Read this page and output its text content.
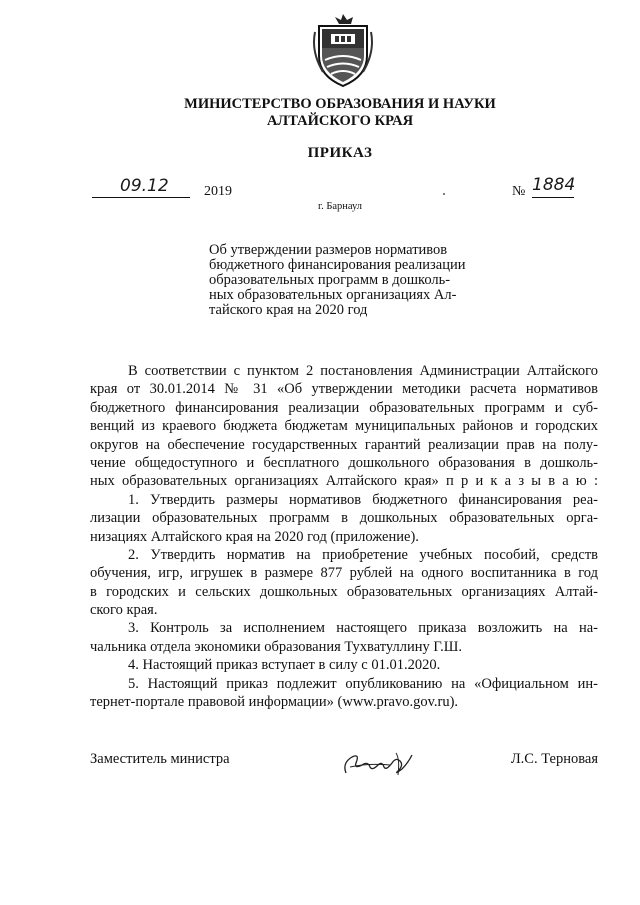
МИНИСТЕРСТВО ОБРАЗОВАНИЯ И НАУКИ
АЛТАЙСКОГО КРАЯ
ПРИКАЗ
09.12	2019	№ 1884
г. Барнаул
Об утверждении размеров нормативов
бюджетного финансирования реализации
образовательных программ в дошколь-
ных образовательных организациях Ал-
тайского края на 2020 год
В соответствии с пунктом 2 постановления Администрации Алтайского
края от 30.01.2014 № 31 «Об утверждении методики расчета нормативов
бюджетного финансирования реализации образовательных программ и суб-
венций из краевого бюджета бюджетам муниципальных районов и городских
округов на обеспечение государственных гарантий реализации прав на полу-
чение общедоступного и бесплатного дошкольного образования в дошколь-
ных образовательных организациях Алтайского края» п р и к а з ы в а ю :
1. Утвердить размеры нормативов бюджетного финансирования реа-
лизации образовательных программ в дошкольных образовательных орга-
низациях Алтайского края на 2020 год (приложение).
2. Утвердить норматив на приобретение учебных пособий, средств
обучения, игр, игрушек в размере 877 рублей на одного воспитанника в год
в городских и сельских дошкольных образовательных организациях Алтай-
ского края.
3. Контроль за исполнением настоящего приказа возложить на на-
чальника отдела экономики образования Тухватуллину Г.Ш.
4. Настоящий приказ вступает в силу с 01.01.2020.
5. Настоящий приказ подлежит опубликованию на «Официальном ин-
тернет-портале правовой информации» (www.pravo.gov.ru).
Заместитель министра	Л.С. Терновая
